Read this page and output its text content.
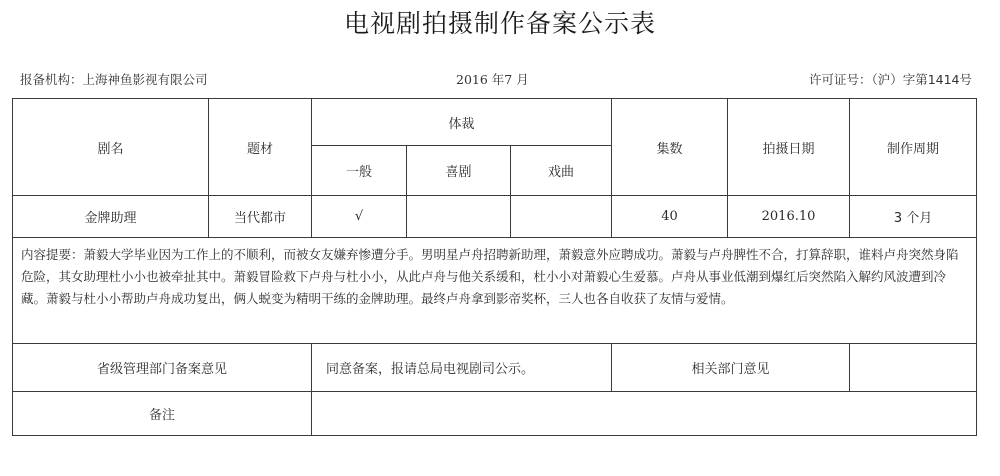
电视剧拍摄制作备案公示表
报备机构：上海神鱼影视有限公司	2016 年7 月	许可证号：（沪）字第1414号
剧名	题材	体裁			集数	拍摄日期	制作周期
		一般	喜剧	戏曲			
金牌助理	当代都市	√			40	2016.10	3 个月
内容提要：萧毅大学毕业因为工作上的不顺利，而被女友嫌弃惨遭分手。男明星卢舟招聘新助理，萧毅意外应聘成功。萧毅与卢舟脾性不合，打算辞职，谁料卢舟突然身陷危险，其女助理杜小小也被牵扯其中。萧毅冒险救下卢舟与杜小小，从此卢舟与他关系缓和，杜小小对萧毅心生爱慕。卢舟从事业低潮到爆红后突然陷入解约风波遭到冷藏。萧毅与杜小小帮助卢舟成功复出，俩人蜕变为精明干练的金牌助理。最终卢舟拿到影帝奖杯，三人也各自收获了友情与爱情。							
省级管理部门备案意见		同意备案，报请总局电视剧司公示。			相关部门意见		
备注							
